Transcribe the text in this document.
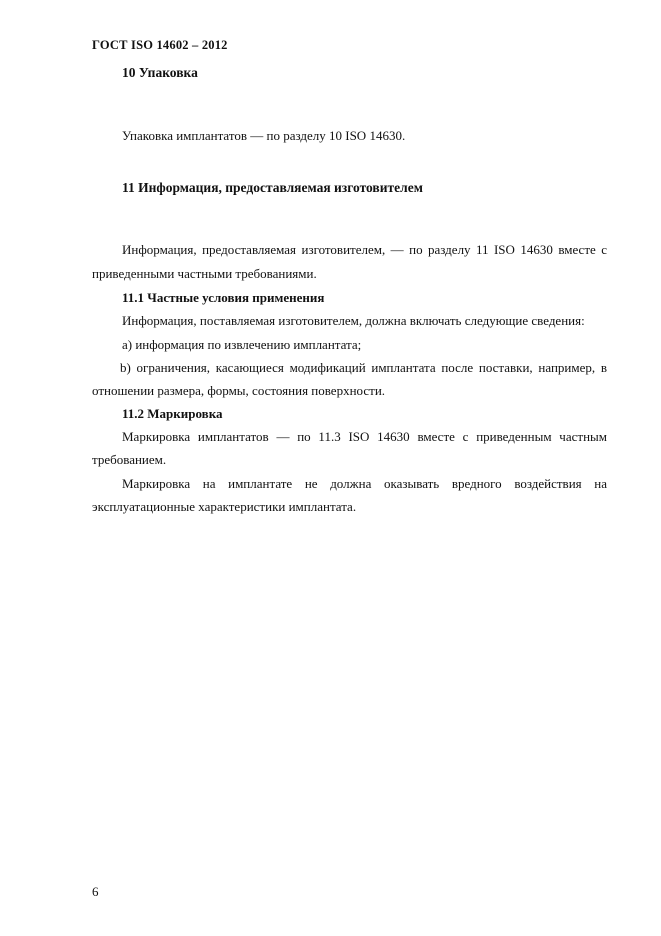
ГОСТ ISO 14602 – 2012
10 Упаковка
Упаковка имплантатов — по разделу 10 ISO 14630.
11 Информация, предоставляемая изготовителем
Информация, предоставляемая изготовителем, — по разделу 11 ISO 14630 вместе с
приведенными частными требованиями.
11.1 Частные условия применения
Информация, поставляемая изготовителем, должна включать следующие сведения:
a) информация по извлечению имплантата;
b) ограничения, касающиеся модификаций имплантата после поставки, например, в
отношении размера, формы, состояния поверхности.
11.2 Маркировка
Маркировка имплантатов — по 11.3 ISO 14630 вместе с приведенным частным
требованием.
Маркировка на имплантате не должна оказывать вредного воздействия на
эксплуатационные характеристики имплантата.
6
